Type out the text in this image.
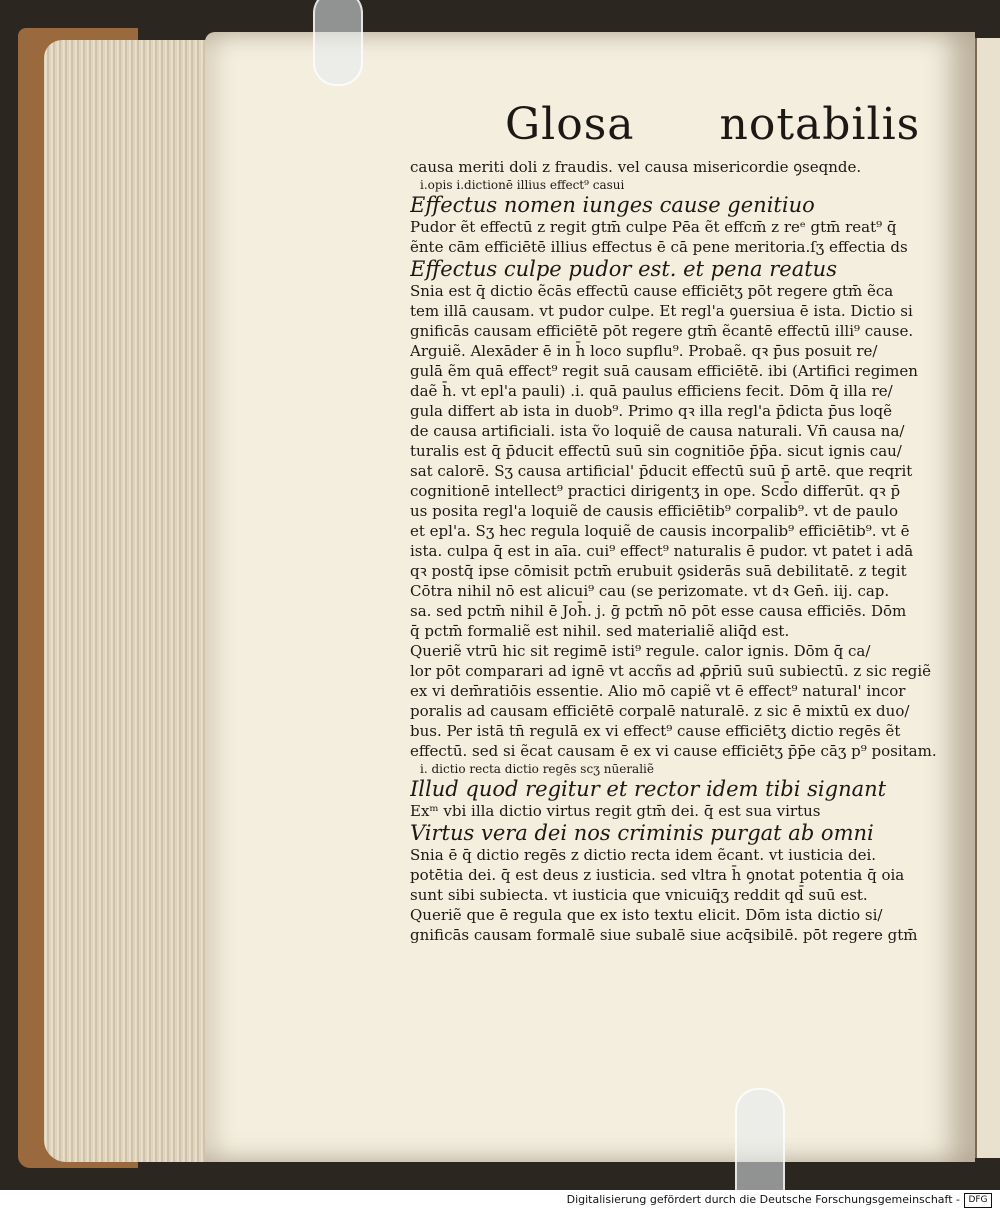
Glosa notabilis
causa meriti doli z fraudis. vel causa misericordie ꝯseqnde.
i.opis i.dictionē illius effect⁹ casui
Effectus nomen iunges cause genitiuo
Pudor ẽt effectū z regit gtm̄ culpe Pēa ẽt effcm̄ z reᵉ gtm̄ reat⁹ q̄
ẽnte cām efficiētē illius effectus ē cā pene meritoria.ſʒ effectia ds
Effectus culpe pudor est. et pena reatus
Snia est q̄ dictio ẽcās effectū cause efficiētʒ pōt regere gtm̄ ẽca
tem illā causam. vt pudor culpe. Et regl'a ꝯuersiua ē ista. Dictio si
gnificās causam efficiētē pōt regere gtm̄ ẽcantē effectū illi⁹ cause.
Arguiẽ. Alexāder ē in h̄ loco supflu⁹. Probaẽ. qꝛ p̄us posuit re/
gulā ẽm quā effect⁹ regit suā causam efficiētē. ibi (Artifici regimen
daẽ h̄. vt epl'a pauli) .i. quā paulus efficiens fecit. Dōm q̄ illa re/
gula differt ab ista in duob⁹. Primo qꝛ illa regl'a p̄dicta p̄us loqẽ
de causa artificiali. ista ṽo loquiẽ de causa naturali. Vn̄ causa na/
turalis est q̄ p̄ducit effectū suū sin cognitiōe p̄p̄a. sicut ignis cau/
sat calorē. Sʒ causa artificial' p̄ducit effectū suū p̄ artē. que reqrit
cognitionē intellect⁹ practici dirigentʒ in ope. Scd̄o differūt. qꝛ p̄
us posita regl'a loquiẽ de causis efficiētib⁹ corpalib⁹. vt de paulo
et epl'a. Sʒ hec regula loquiẽ de causis incorpalib⁹ efficiētib⁹. vt ē
ista. culpa q̄ est in aīa. cui⁹ effect⁹ naturalis ē pudor. vt patet i adā
qꝛ postq̄ ipse cōmisit pctm̄ erubuit ꝯsiderās suā debilitatē. z tegit
Cōtra nihil nō est alicui⁹ cau (se perizomate. vt dꝛ Gen̄. iij. cap.
sa. sed pctm̄ nihil ē Joh̄. j. ḡ pctm̄ nō pōt esse causa efficiēs. Dōm
q̄ pctm̄ formaliẽ est nihil. sed materialiẽ aliq̄d est.
Queriẽ vtrū hic sit regimē isti⁹ regule. calor ignis. Dōm q̄ ca/
lor pōt comparari ad ignē vt accñs ad ꝓp̄riū suū subiectū. z sic regiẽ
ex vi dem̄ratiōis essentie. Alio mō capiẽ vt ē effect⁹ natural' incor
poralis ad causam efficiētē corpalē naturalē. z sic ē mixtū ex duo/
bus. Per istā tn̄ regulā ex vi effect⁹ cause efficiētʒ dictio regēs ẽt
effectū. sed si ẽcat causam ē ex vi cause efficiētʒ p̄p̄e cāʒ p⁹ positam.
i. dictio recta dictio regēs scʒ nūeraliẽ
Illud quod regitur et rector idem tibi signant
Exᵐ vbi illa dictio virtus regit gtm̄ dei. q̄ est sua virtus
Virtus vera dei nos criminis purgat ab omni
Snia ē q̄ dictio regēs z dictio recta idem ẽcant. vt iusticia dei.
potētia dei. q̄ est deus z iusticia. sed vltra h̄ ꝯnotat potentia q̄ oia
sunt sibi subiecta. vt iusticia que vnicuiq̄ʒ reddit qd̄ suū est.
Queriẽ que ē regula que ex isto textu elicit. Dōm ista dictio si/
gnificās causam formalē siue subalē siue acq̄sibilē. pōt regere gtm̄
Digitalisierung gefördert durch die Deutsche Forschungsgemeinschaft - DFG
